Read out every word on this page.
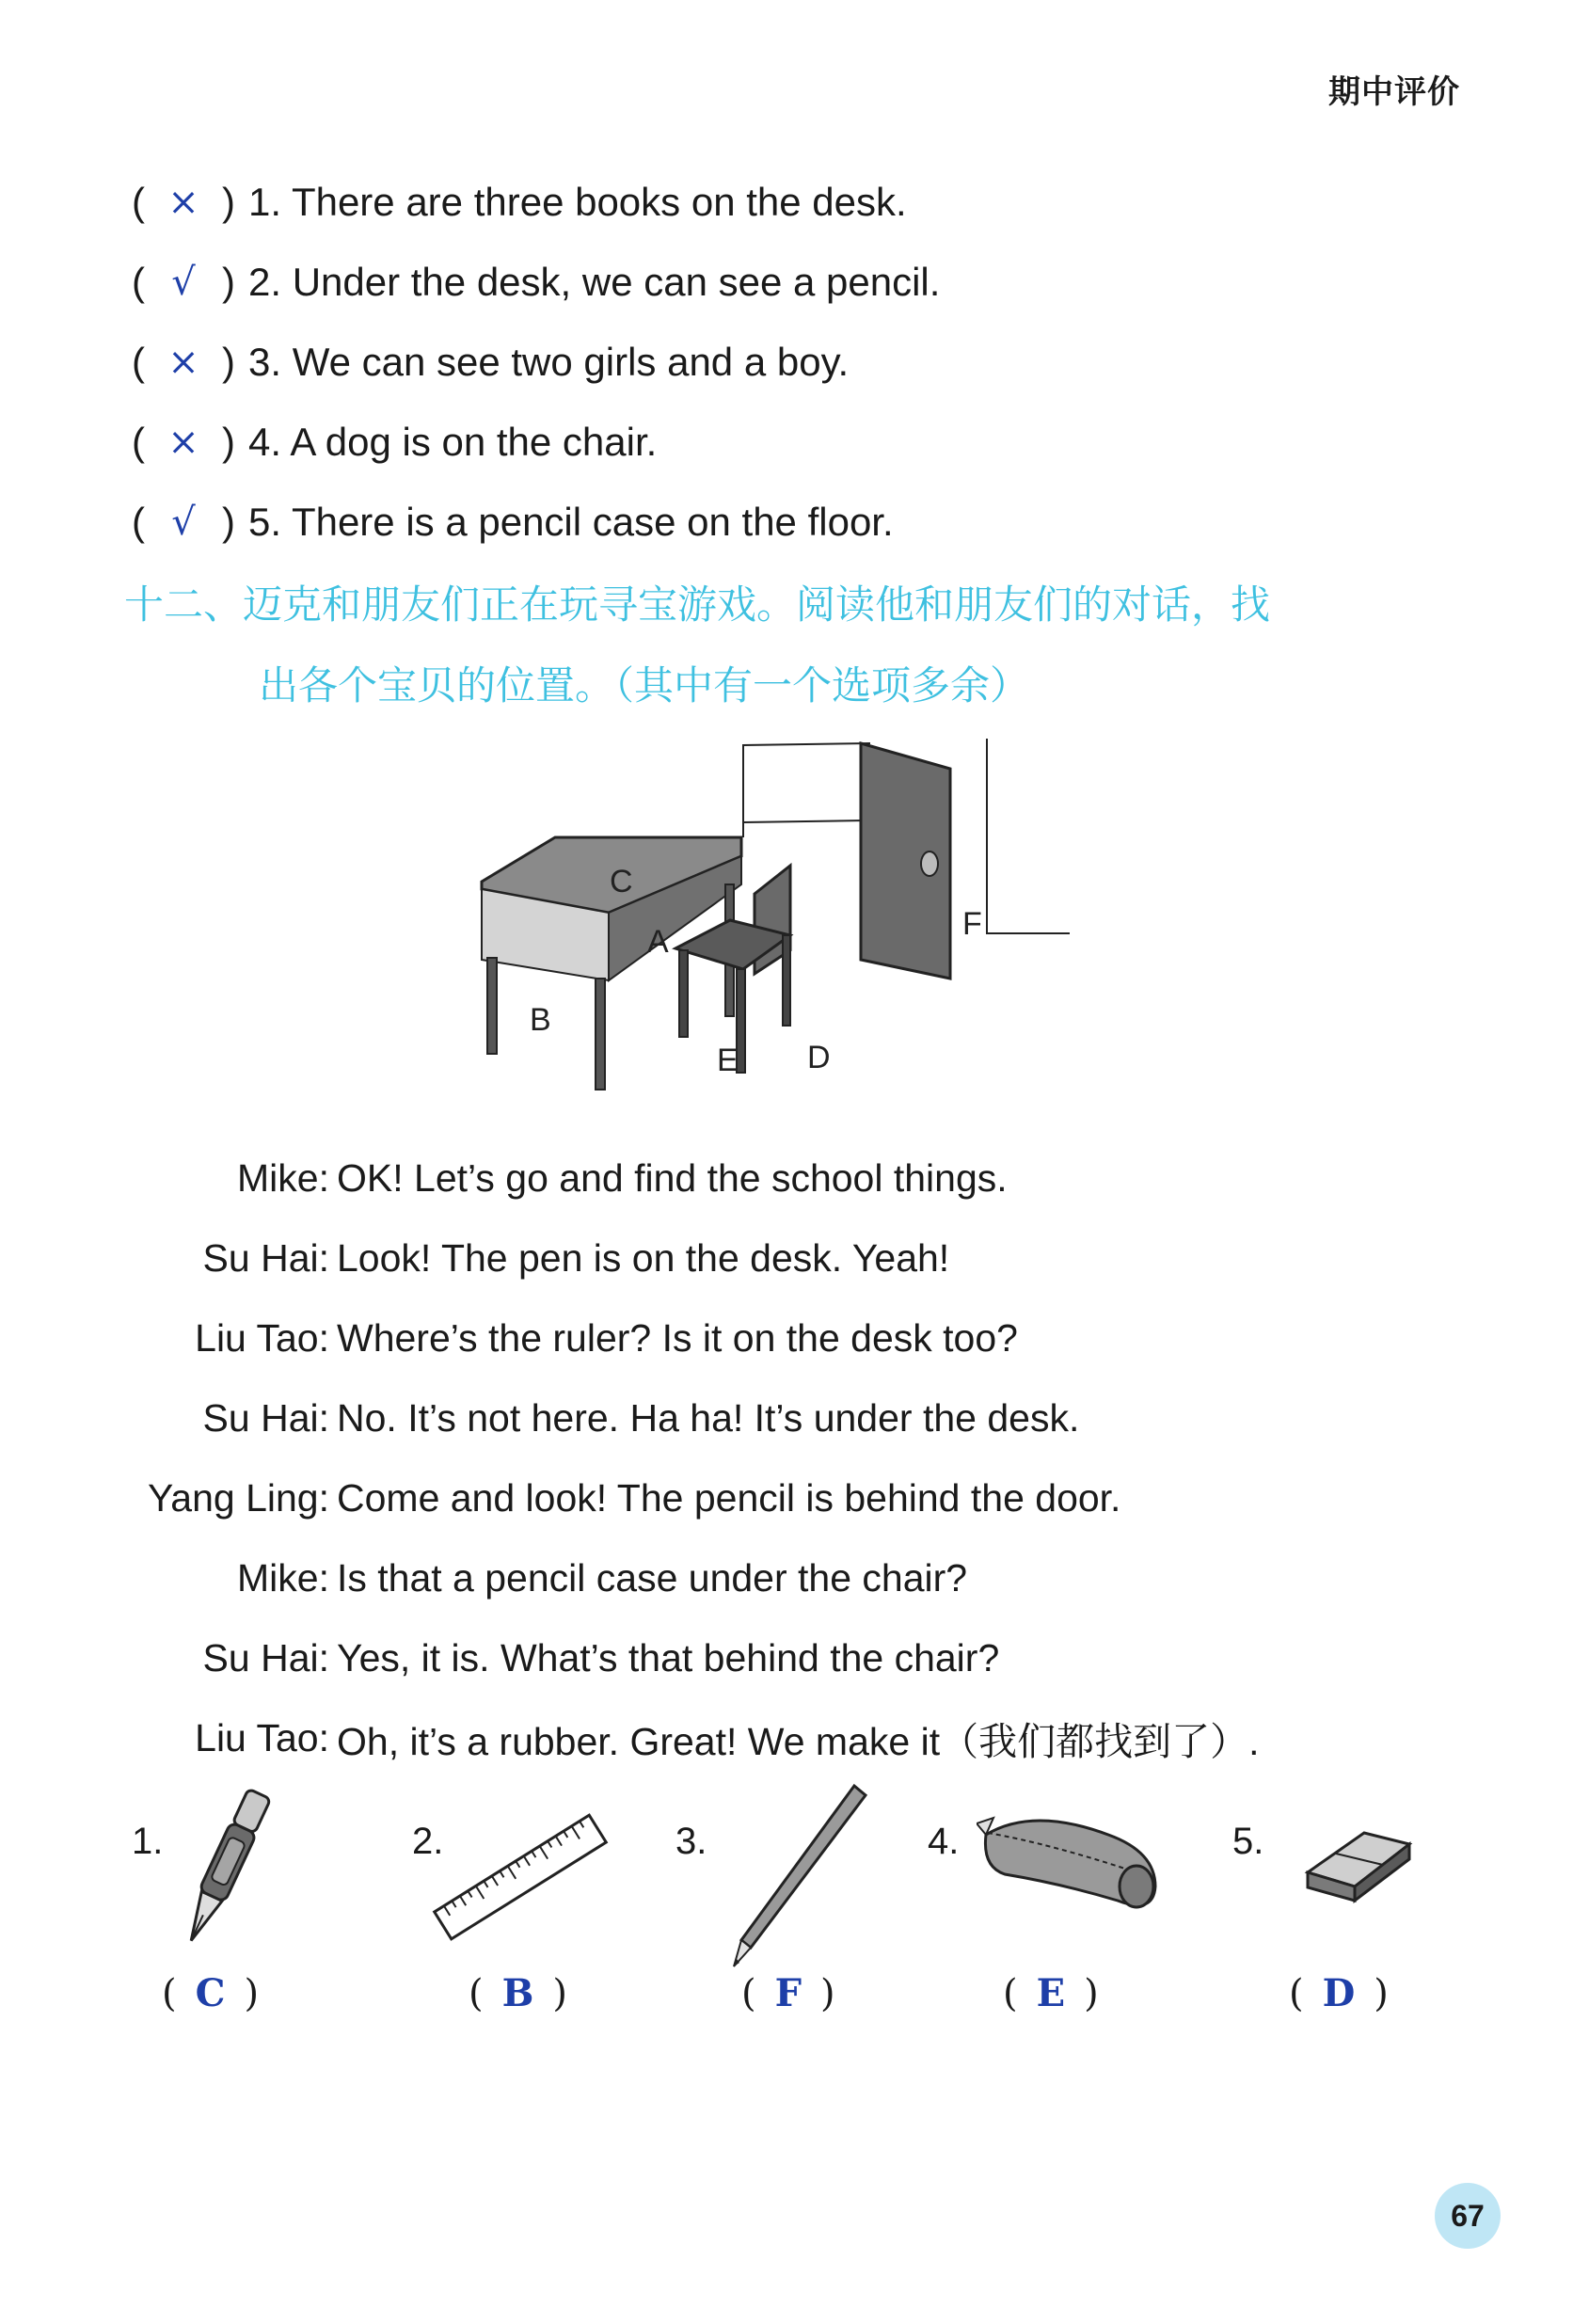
期中评价
( × ) 1. There are three books on the desk.
( √ ) 2. Under the desk, we can see a pencil.
( × ) 3. We can see two girls and a boy.
( × ) 4. A dog is on the chair.
( √ ) 5. There is a pencil case on the floor.
十二、迈克和朋友们正在玩寻宝游戏。阅读他和朋友们的对话，找
出各个宝贝的位置。（其中有一个选项多余）
C
A
B
E D
F
Mike: OK! Let’s go and find the school things.
Su Hai: Look! The pen is on the desk. Yeah!
Liu Tao: Where’s the ruler? Is it on the desk too?
Su Hai: No. It’s not here. Ha ha! It’s under the desk.
Yang Ling: Come and look! The pencil is behind the door.
Mike: Is that a pencil case under the chair?
Su Hai: Yes, it is. What’s that behind the chair?
Liu Tao: Oh, it’s a rubber. Great! We make it（我们都找到了）.
1.
( C )
2.
( B )
3.
( F )
4.
( E )
5.
( D )
67
